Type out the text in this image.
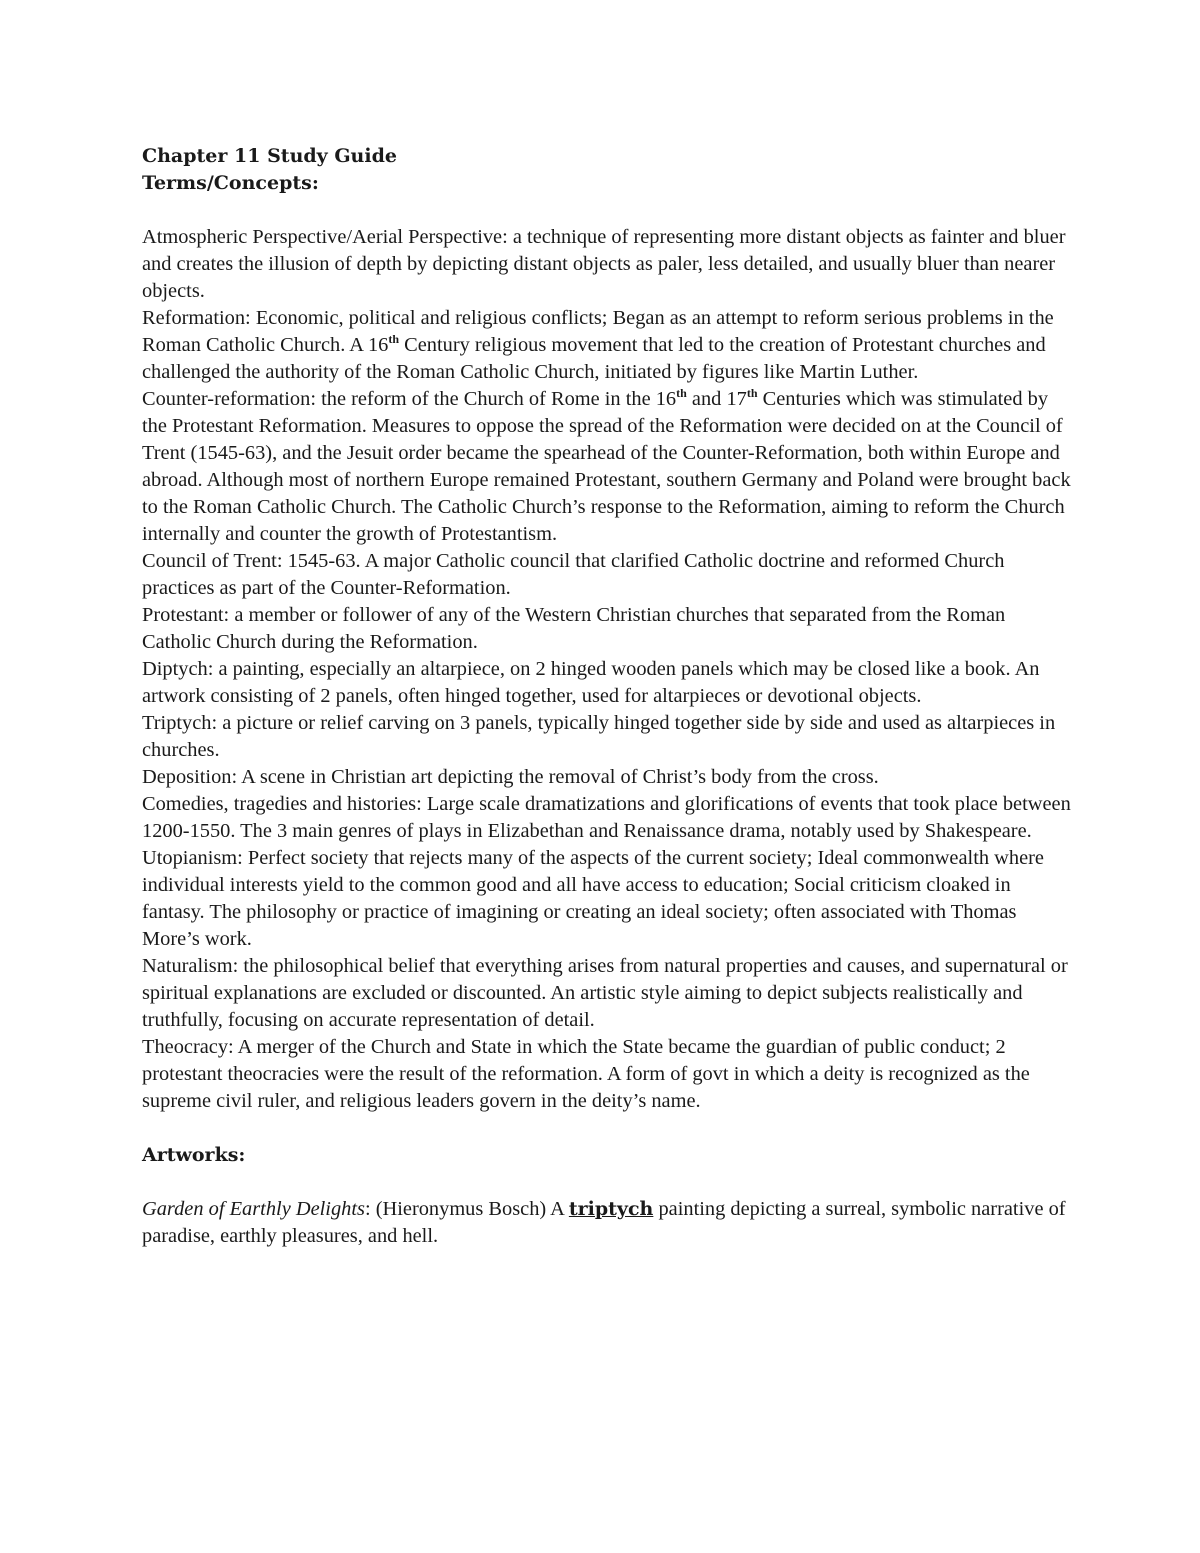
Chapter 11 Study Guide

Terms/Concepts:

Atmospheric Perspective/Aerial Perspective: a technique of representing more distant objects as fainter and bluer and creates the illusion of depth by depicting distant objects as paler, less detailed, and usually bluer than nearer objects.

Reformation: Economic, political and religious conflicts; Began as an attempt to reform serious problems in the Roman Catholic Church. A 16th Century religious movement that led to the creation of Protestant churches and challenged the authority of the Roman Catholic Church, initiated by figures like Martin Luther.

Counter-reformation: the reform of the Church of Rome in the 16th and 17th Centuries which was stimulated by the Protestant Reformation. Measures to oppose the spread of the Reformation were decided on at the Council of Trent (1545-63), and the Jesuit order became the spearhead of the Counter-Reformation, both within Europe and abroad. Although most of northern Europe remained Protestant, southern Germany and Poland were brought back to the Roman Catholic Church. The Catholic Church’s response to the Reformation, aiming to reform the Church internally and counter the growth of Protestantism.

Council of Trent: 1545-63. A major Catholic council that clarified Catholic doctrine and reformed Church practices as part of the Counter-Reformation.

Protestant: a member or follower of any of the Western Christian churches that separated from the Roman Catholic Church during the Reformation.

Diptych: a painting, especially an altarpiece, on 2 hinged wooden panels which may be closed like a book. An artwork consisting of 2 panels, often hinged together, used for altarpieces or devotional objects.

Triptych: a picture or relief carving on 3 panels, typically hinged together side by side and used as altarpieces in churches.

Deposition: A scene in Christian art depicting the removal of Christ’s body from the cross.

Comedies, tragedies and histories: Large scale dramatizations and glorifications of events that took place between 1200-1550. The 3 main genres of plays in Elizabethan and Renaissance drama, notably used by Shakespeare.

Utopianism: Perfect society that rejects many of the aspects of the current society; Ideal commonwealth where individual interests yield to the common good and all have access to education; Social criticism cloaked in fantasy. The philosophy or practice of imagining or creating an ideal society; often associated with Thomas More’s work.

Naturalism: the philosophical belief that everything arises from natural properties and causes, and supernatural or spiritual explanations are excluded or discounted. An artistic style aiming to depict subjects realistically and truthfully, focusing on accurate representation of detail.

Theocracy: A merger of the Church and State in which the State became the guardian of public conduct; 2 protestant theocracies were the result of the reformation. A form of govt in which a deity is recognized as the supreme civil ruler, and religious leaders govern in the deity’s name.

Artworks:

Garden of Earthly Delights: (Hieronymus Bosch) A triptych painting depicting a surreal, symbolic narrative of paradise, earthly pleasures, and hell.
